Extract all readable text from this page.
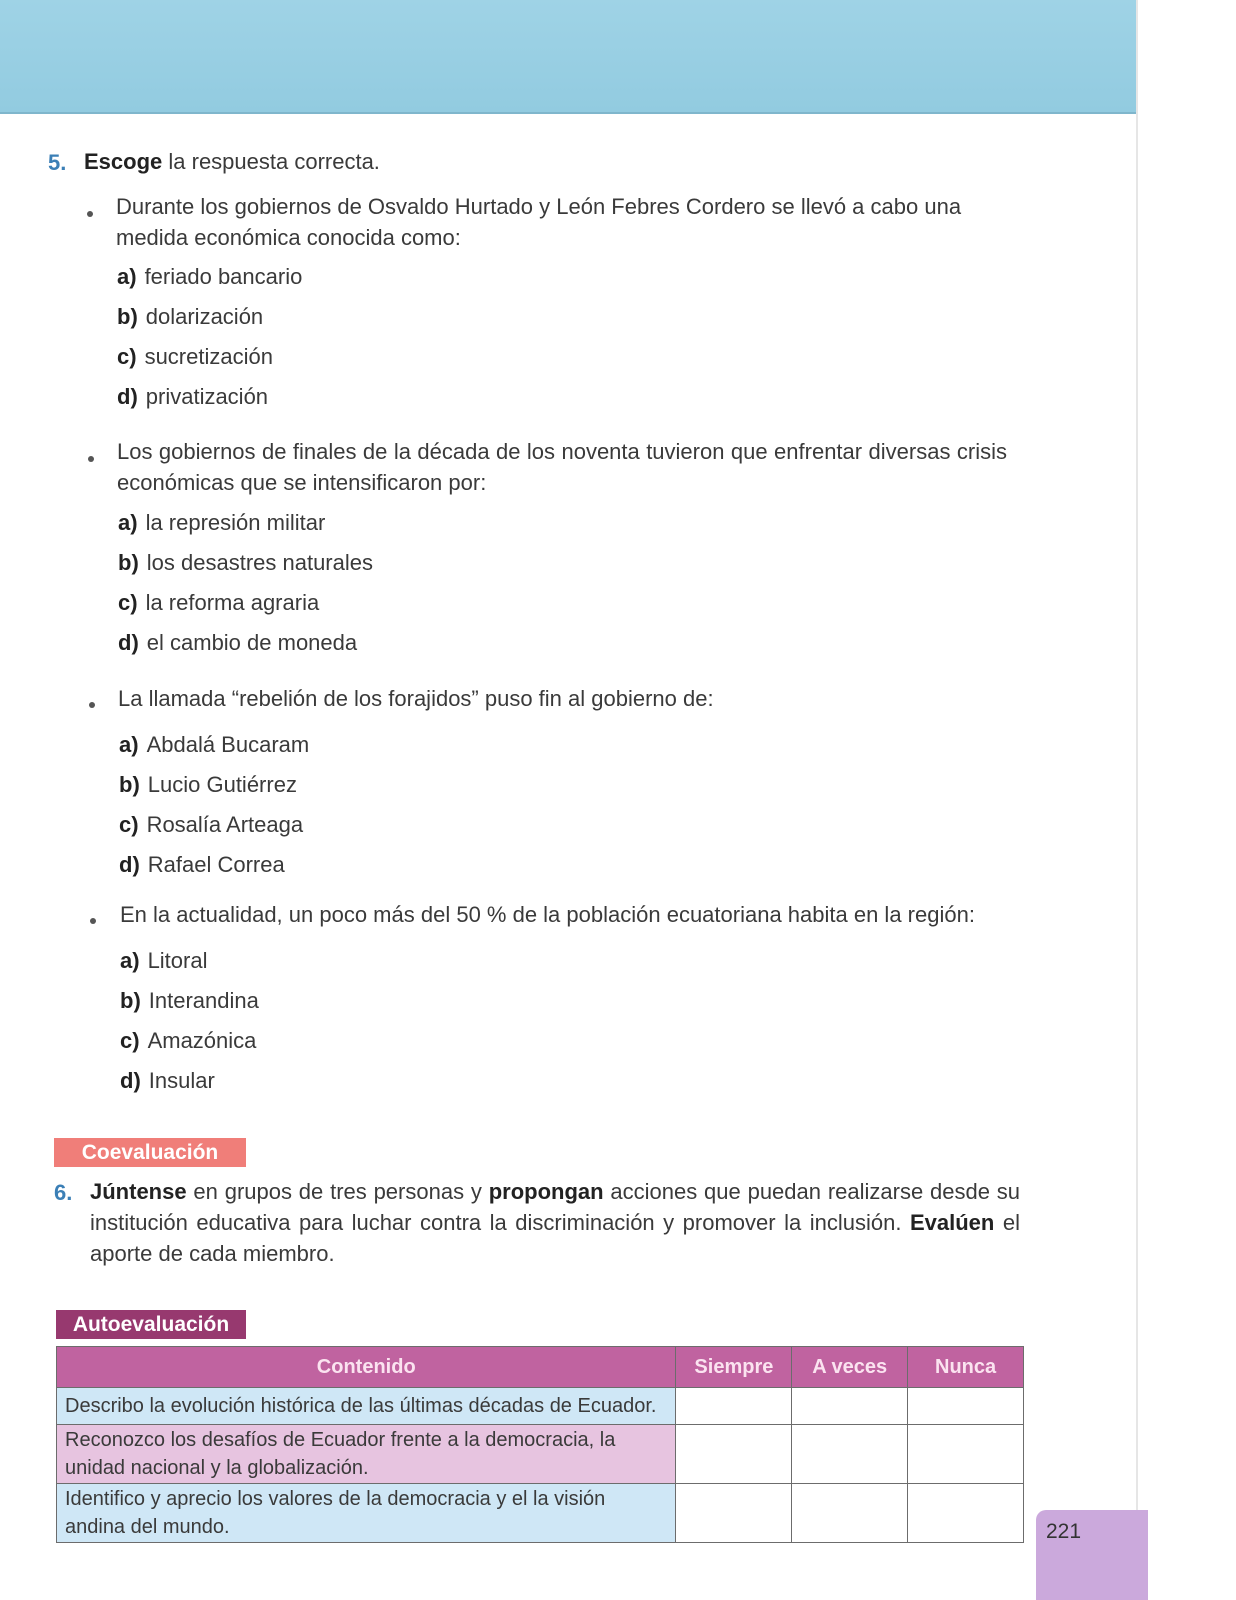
5. Escoge la respuesta correcta.
Durante los gobiernos de Osvaldo Hurtado y León Febres Cordero se llevó a cabo una medida económica conocida como:
a) feriado bancario
b) dolarización
c) sucretización
d) privatización
Los gobiernos de finales de la década de los noventa tuvieron que enfrentar diversas crisis económicas que se intensificaron por:
a) la represión militar
b) los desastres naturales
c) la reforma agraria
d) el cambio de moneda
La llamada “rebelión de los forajidos” puso fin al gobierno de:
a) Abdalá Bucaram
b) Lucio Gutiérrez
c) Rosalía Arteaga
d) Rafael Correa
En la actualidad, un poco más del 50 % de la población ecuatoriana habita en la región:
a) Litoral
b) Interandina
c) Amazónica
d) Insular
Coevaluación
6. Júntense en grupos de tres personas y propongan acciones que puedan realizarse desde su institución educativa para luchar contra la discriminación y promover la inclusión. Evalúen el aporte de cada miembro.
Autoevaluación
Contenido	Siempre	A veces	Nunca
Describo la evolución histórica de las últimas décadas de Ecuador.			
Reconozco los desafíos de Ecuador frente a la democracia, la unidad nacional y la globalización.			
Identifico y aprecio los valores de la democracia y el la visión andina del mundo.				221
